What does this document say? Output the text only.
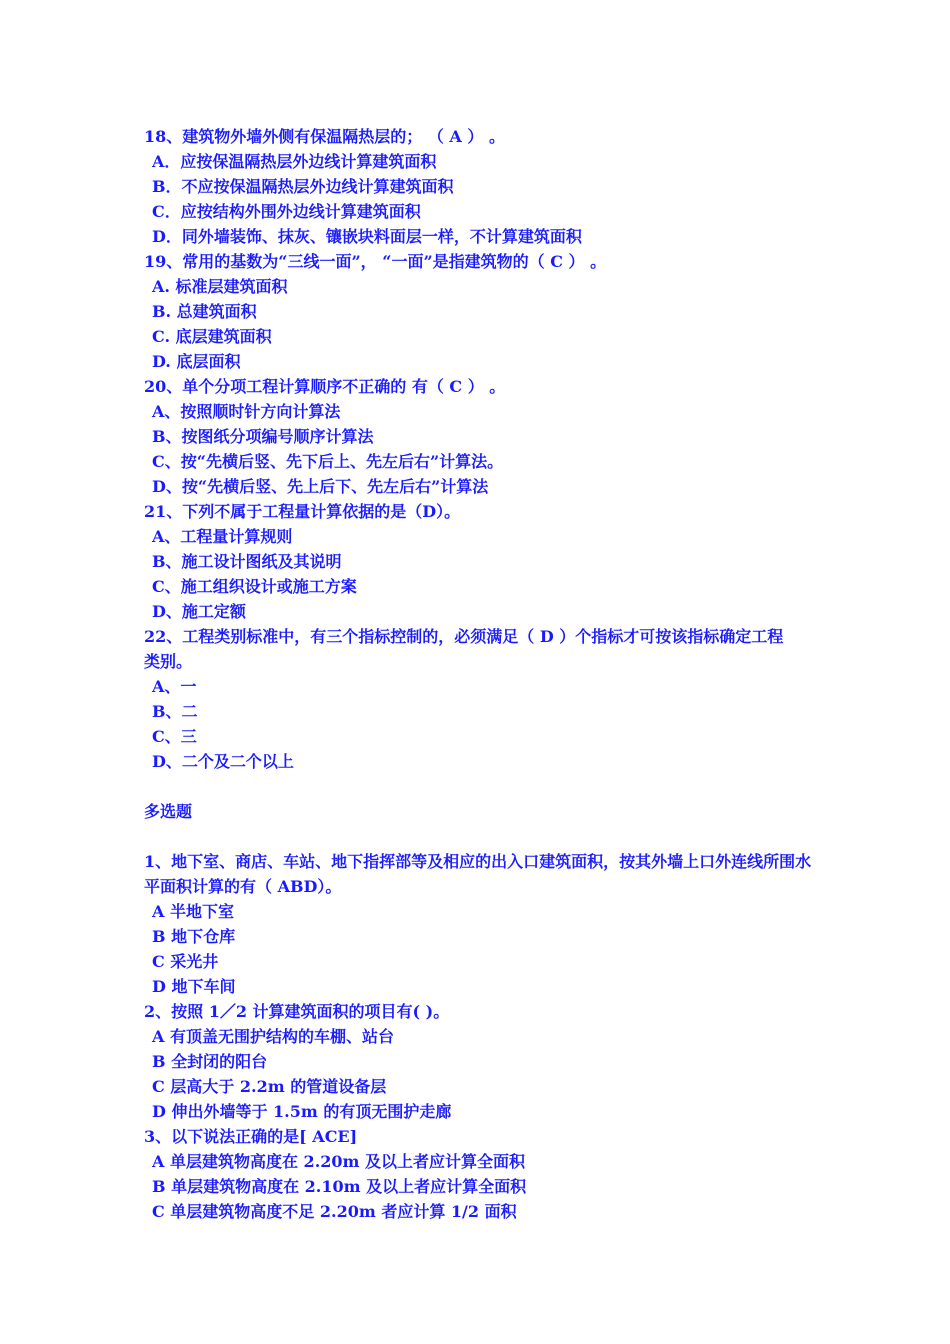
18、建筑物外墙外侧有保温隔热层的； （ A ） 。
A．应按保温隔热层外边线计算建筑面积
B．不应按保温隔热层外边线计算建筑面积
C．应按结构外围外边线计算建筑面积
D．同外墙装饰、抹灰、镶嵌块料面层一样，不计算建筑面积
19、常用的基数为“三线一面”， “一面”是指建筑物的（ C ） 。
A. 标准层建筑面积
B. 总建筑面积
C. 底层建筑面积
D. 底层面积
20、单个分项工程计算顺序不正确的 有（ C ） 。
A、按照顺时针方向计算法
B、按图纸分项编号顺序计算法
C、按“先横后竖、先下后上、先左后右”计算法。
D、按“先横后竖、先上后下、先左后右”计算法
21、下列不属于工程量计算依据的是（D）。
A、工程量计算规则
B、施工设计图纸及其说明
C、施工组织设计或施工方案
D、施工定额
22、工程类别标准中，有三个指标控制的，必须满足（ D ）个指标才可按该指标确定工程
类别。
A、一
B、二
C、三
D、二个及二个以上
多选题
1、地下室、商店、车站、地下指挥部等及相应的出入口建筑面积，按其外墙上口外连线所围水
平面积计算的有（ ABD）。
A 半地下室
B 地下仓库
C 采光井
D 地下车间
2、按照 1／2 计算建筑面积的项目有( )。
A 有顶盖无围护结构的车棚、站台
B 全封闭的阳台
C 层高大于 2.2m 的管道设备层
D 伸出外墙等于 1.5m 的有顶无围护走廊
3、以下说法正确的是[ ACE]
A 单层建筑物高度在 2.20m 及以上者应计算全面积
B 单层建筑物高度在 2.10m 及以上者应计算全面积
C 单层建筑物高度不足 2.20m 者应计算 1/2 面积
